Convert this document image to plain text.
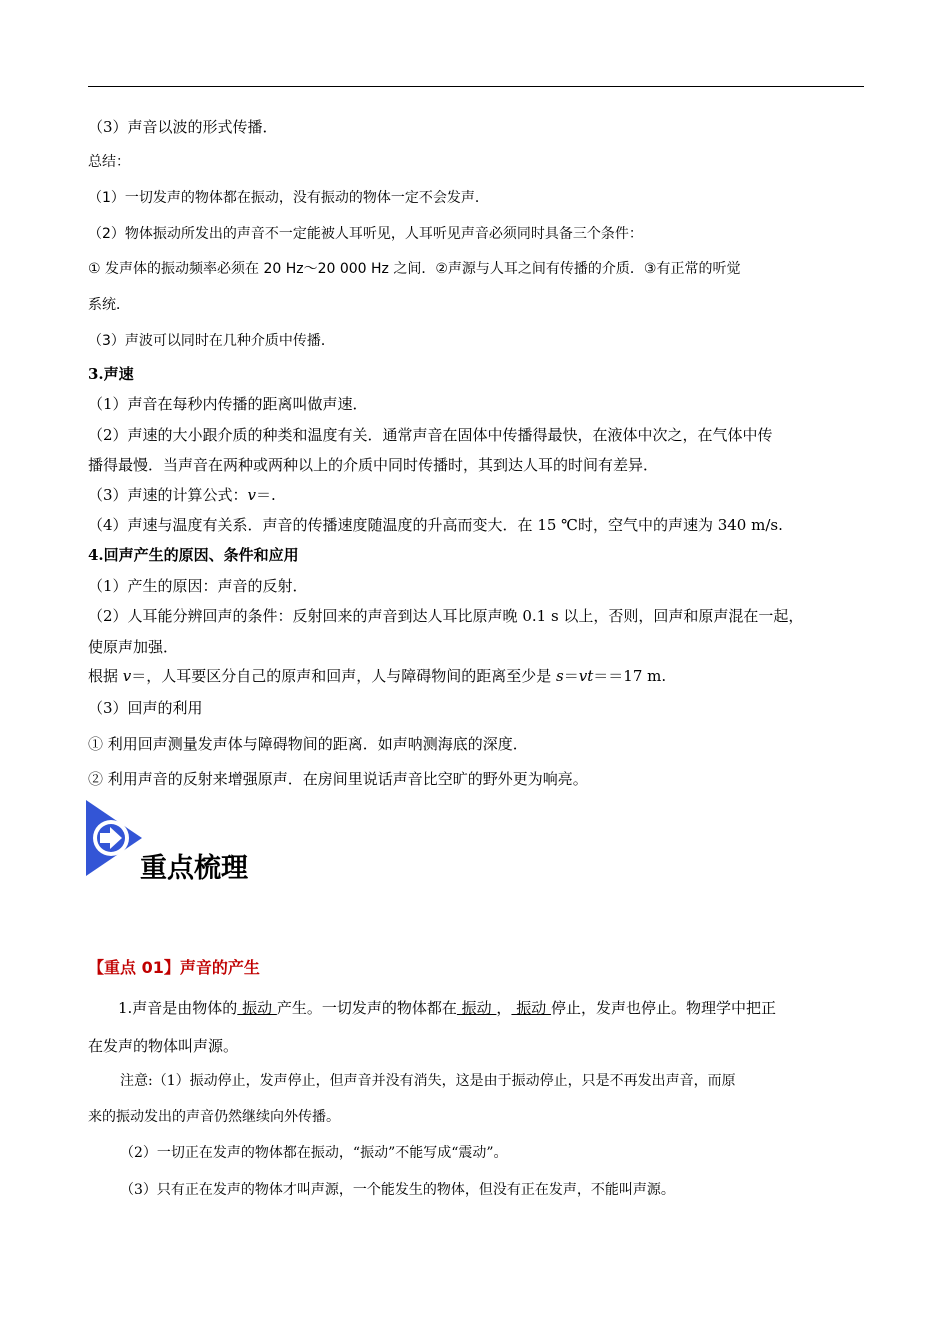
（3）声音以波的形式传播．
总结：
（1）一切发声的物体都在振动，没有振动的物体一定不会发声．
（2）物体振动所发出的声音不一定能被人耳听见，人耳听见声音必须同时具备三个条件：
① 发声体的振动频率必须在 20 Hz～20 000 Hz 之间．②声源与人耳之间有传播的介质．③有正常的听觉
系统．
（3）声波可以同时在几种介质中传播．
3.声速
（1）声音在每秒内传播的距离叫做声速．
（2）声速的大小跟介质的种类和温度有关．通常声音在固体中传播得最快，在液体中次之，在气体中传
播得最慢．当声音在两种或两种以上的介质中同时传播时，其到达人耳的时间有差异．
（3）声速的计算公式：v＝.
（4）声速与温度有关系．声音的传播速度随温度的升高而变大．在 15 ℃时，空气中的声速为 340 m/s.
4.回声产生的原因、条件和应用
（1）产生的原因：声音的反射．
（2）人耳能分辨回声的条件：反射回来的声音到达人耳比原声晚 0.1 s 以上，否则，回声和原声混在一起，
使原声加强．
根据 v＝，人耳要区分自己的原声和回声，人与障碍物间的距离至少是 s＝vt＝＝17 m.
（3）回声的利用
① 利用回声测量发声体与障碍物间的距离．如声呐测海底的深度．
② 利用声音的反射来增强原声．在房间里说话声音比空旷的野外更为响亮。
重点梳理
【重点 01】声音的产生
1.声音是由物体的 振动 产生。一切发声的物体都在 振动 ， 振动 停止，发声也停止。物理学中把正
在发声的物体叫声源。
注意:（1）振动停止，发声停止，但声音并没有消失，这是由于振动停止，只是不再发出声音，而原
来的振动发出的声音仍然继续向外传播。
（2）一切正在发声的物体都在振动，“振动”不能写成“震动”。
（3）只有正在发声的物体才叫声源，一个能发生的物体，但没有正在发声，不能叫声源。
